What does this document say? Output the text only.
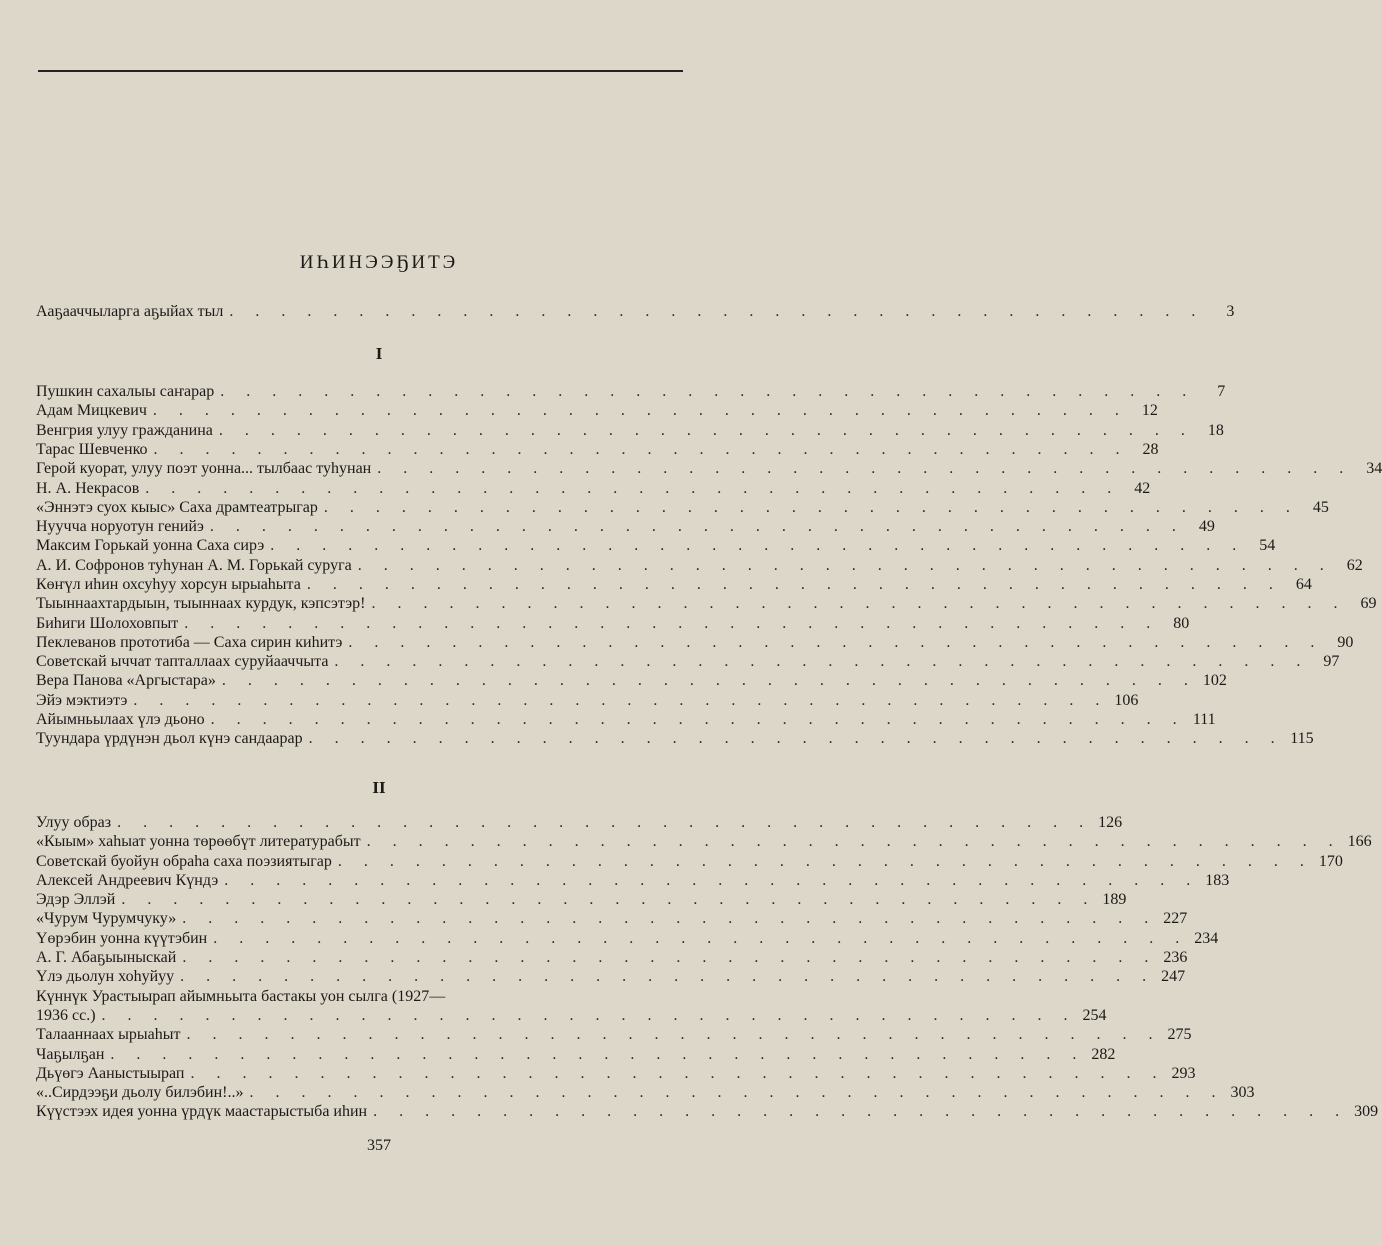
ИҺИНЭЭҔИТЭ
Ааҕааччыларга аҕыйах тыл . . . . . . . . . . . . . . . . . . . . . . . . . . . . . . . . . . . . . .	3
I
Пушкин сахалыы саҥарар . . . . . . . . . . . . . . . . . . . . . . . . . . . . . . . . . . . . . .	7
Адам Мицкевич . . . . . . . . . . . . . . . . . . . . . . . . . . . . . . . . . . . . . . 12
Венгрия улуу гражданина . . . . . . . . . . . . . . . . . . . . . . . . . . . . . . . . . . . . . . 18
Тарас Шевченко . . . . . . . . . . . . . . . . . . . . . . . . . . . . . . . . . . . . . . 28
Герой куорат, улуу поэт уонна... тылбаас туһунан . . . . . . . . . . . . . . . . . . . . . . . . . . . . . . . . . . . . . . 34
Н. А. Некрасов . . . . . . . . . . . . . . . . . . . . . . . . . . . . . . . . . . . . . . 42
«Эннэтэ суох кыыс» Саха драмтеатрыгар . . . . . . . . . . . . . . . . . . . . . . . . . . . . . . . . . . . . . . 45
Нуучча норуотун генийэ . . . . . . . . . . . . . . . . . . . . . . . . . . . . . . . . . . . . . . 49
Максим Горькай уонна Саха сирэ . . . . . . . . . . . . . . . . . . . . . . . . . . . . . . . . . . . . . . 54
А. И. Софронов туһунан А. М. Горькай суруга . . . . . . . . . . . . . . . . . . . . . . . . . . . . . . . . . . . . . . 62
Көҥүл иһин охсуһуу хорсун ырыаһыта . . . . . . . . . . . . . . . . . . . . . . . . . . . . . . . . . . . . . . 64
Тыыннаахтардыын, тыыннаах курдук, кэпсэтэр! . . . . . . . . . . . . . . . . . . . . . . . . . . . . . . . . . . . . . . 69
Биһиги Шолоховпыт . . . . . . . . . . . . . . . . . . . . . . . . . . . . . . . . . . . . . . 80
Пеклеванов прототиба — Саха сирин киһитэ . . . . . . . . . . . . . . . . . . . . . . . . . . . . . . . . . . . . . . 90
Советскай ыччат тапталлаах суруйааччыта . . . . . . . . . . . . . . . . . . . . . . . . . . . . . . . . . . . . . . 97
Вера Панова «Аргыстара» . . . . . . . . . . . . . . . . . . . . . . . . . . . . . . . . . . . . . . 102
Эйэ мэктиэтэ . . . . . . . . . . . . . . . . . . . . . . . . . . . . . . . . . . . . . . 106
Айымньылаах үлэ дьоно . . . . . . . . . . . . . . . . . . . . . . . . . . . . . . . . . . . . . . 111
Туундара үрдүнэн дьол күнэ сандаарар . . . . . . . . . . . . . . . . . . . . . . . . . . . . . . . . . . . . . . 115
II
Улуу образ . . . . . . . . . . . . . . . . . . . . . . . . . . . . . . . . . . . . . . 126
«Кыым» хаһыат уонна төрөөбүт литературабыт . . . . . . . . . . . . . . . . . . . . . . . . . . . . . . . . . . . . . . 166
Советскай буойун обраһа саха поэзиятыгар . . . . . . . . . . . . . . . . . . . . . . . . . . . . . . . . . . . . . . 170
Алексей Андреевич Күндэ . . . . . . . . . . . . . . . . . . . . . . . . . . . . . . . . . . . . . . 183
Эдэр Эллэй . . . . . . . . . . . . . . . . . . . . . . . . . . . . . . . . . . . . . . 189
«Чурум Чурумчуку» . . . . . . . . . . . . . . . . . . . . . . . . . . . . . . . . . . . . . . 227
Үөрэбин уонна күүтэбин . . . . . . . . . . . . . . . . . . . . . . . . . . . . . . . . . . . . . . 234
А. Г. Абаҕыыныскай . . . . . . . . . . . . . . . . . . . . . . . . . . . . . . . . . . . . . . 236
Үлэ дьолун хоһуйуу . . . . . . . . . . . . . . . . . . . . . . . . . . . . . . . . . . . . . . 247
Күннүк Урастыырап айымньыта бастакы уон сылга (1927—
1936 сс.) . . . . . . . . . . . . . . . . . . . . . . . . . . . . . . . . . . . . . . 254
Талааннаах ырыаһыт . . . . . . . . . . . . . . . . . . . . . . . . . . . . . . . . . . . . . . 275
Чаҕылҕан . . . . . . . . . . . . . . . . . . . . . . . . . . . . . . . . . . . . . . 282
Дьүөгэ Ааныстыырап . . . . . . . . . . . . . . . . . . . . . . . . . . . . . . . . . . . . . . 293
«..Сирдээҕи дьолу билэбин!..» . . . . . . . . . . . . . . . . . . . . . . . . . . . . . . . . . . . . . . 303
Күүстээх идея уонна үрдүк маастарыстыба иһин . . . . . . . . . . . . . . . . . . . . . . . . . . . . . . . . . . . . . . 309
357
